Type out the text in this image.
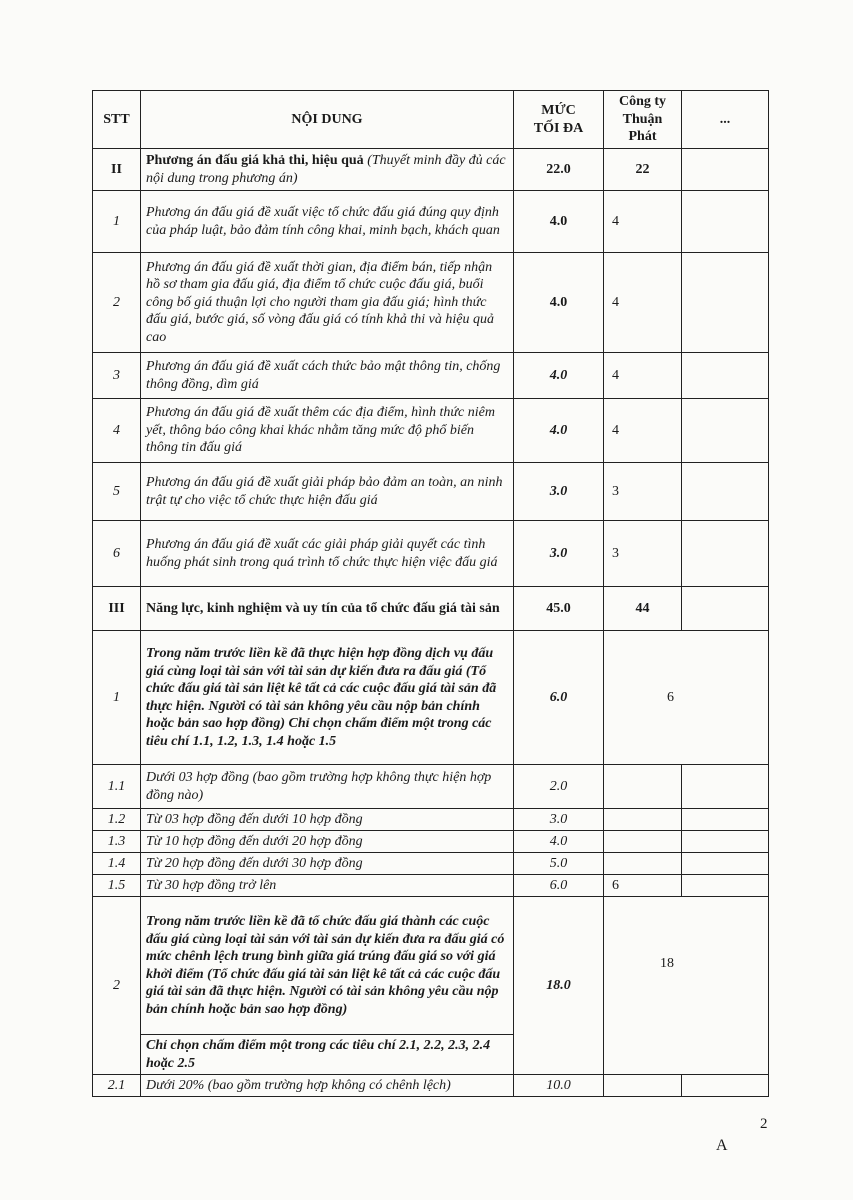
STT	NỘI DUNG	MỨC TỐI ĐA	Công ty Thuận Phát	...
II	Phương án đấu giá khả thi, hiệu quả (Thuyết minh đầy đủ các nội dung trong phương án)	22.0	22	
1	Phương án đấu giá đề xuất việc tổ chức đấu giá đúng quy định của pháp luật, bảo đảm tính công khai, minh bạch, khách quan	4.0	4	
2	Phương án đấu giá đề xuất thời gian, địa điểm bán, tiếp nhận hồ sơ tham gia đấu giá, địa điểm tổ chức cuộc đấu giá, buổi công bố giá thuận lợi cho người tham gia đấu giá; hình thức đấu giá, bước giá, số vòng đấu giá có tính khả thi và hiệu quả cao	4.0	4	
3	Phương án đấu giá đề xuất cách thức bảo mật thông tin, chống thông đồng, dìm giá	4.0	4	
4	Phương án đấu giá đề xuất thêm các địa điểm, hình thức niêm yết, thông báo công khai khác nhằm tăng mức độ phổ biến thông tin đấu giá	4.0	4	
5	Phương án đấu giá đề xuất giải pháp bảo đảm an toàn, an ninh trật tự cho việc tổ chức thực hiện đấu giá	3.0	3	
6	Phương án đấu giá đề xuất các giải pháp giải quyết các tình huống phát sinh trong quá trình tổ chức thực hiện việc đấu giá	3.0	3	
III	Năng lực, kinh nghiệm và uy tín của tổ chức đấu giá tài sản	45.0	44	
1	Trong năm trước liền kề đã thực hiện hợp đồng dịch vụ đấu giá cùng loại tài sản với tài sản dự kiến đưa ra đấu giá (Tổ chức đấu giá tài sản liệt kê tất cả các cuộc đấu giá tài sản đã thực hiện. Người có tài sản không yêu cầu nộp bản chính hoặc bản sao hợp đồng) Chỉ chọn chấm điểm một trong các tiêu chí 1.1, 1.2, 1.3, 1.4 hoặc 1.5	6.0	6	
1.1	Dưới 03 hợp đồng (bao gồm trường hợp không thực hiện hợp đồng nào)	2.0		
1.2	Từ 03 hợp đồng đến dưới 10 hợp đồng	3.0		
1.3	Từ 10 hợp đồng đến dưới 20 hợp đồng	4.0		
1.4	Từ 20 hợp đồng đến dưới 30 hợp đồng	5.0		
1.5	Từ 30 hợp đồng trở lên	6.0	6	
2	Trong năm trước liền kề đã tổ chức đấu giá thành các cuộc đấu giá cùng loại tài sản với tài sản dự kiến đưa ra đấu giá có mức chênh lệch trung bình giữa giá trúng đấu giá so với giá khởi điểm (Tổ chức đấu giá tài sản liệt kê tất cả các cuộc đấu giá tài sản đã thực hiện. Người có tài sản không yêu cầu nộp bản chính hoặc bản sao hợp đồng)	18.0	18	
	Chỉ chọn chấm điểm một trong các tiêu chí 2.1, 2.2, 2.3, 2.4 hoặc 2.5			
2.1	Dưới 20% (bao gồm trường hợp không có chênh lệch)	10.0		
2
A
